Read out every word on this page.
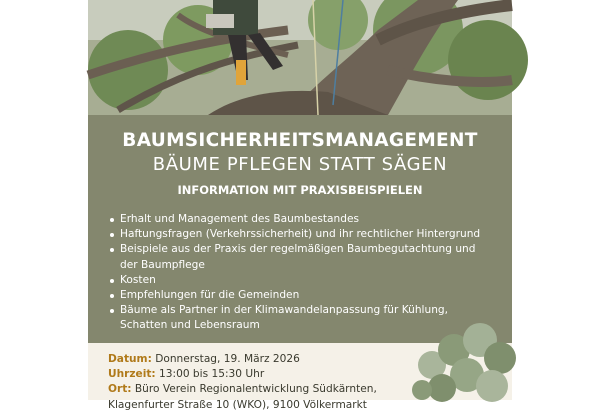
BAUMSICHERHEITSMANAGEMENT
BÄUME PFLEGEN STATT SÄGEN
INFORMATION MIT PRAXISBEISPIELEN
Erhalt und Management des Baumbestandes
Haftungsfragen (Verkehrssicherheit) und ihr rechtlicher Hintergrund
Beispiele aus der Praxis der regelmäßigen Baumbegutachtung und
der Baumpflege
Kosten
Empfehlungen für die Gemeinden
Bäume als Partner in der Klimawandelanpassung für Kühlung,
Schatten und Lebensraum
Datum: Donnerstag, 19. März 2026
Uhrzeit: 13:00 bis 15:30 Uhr
Ort: Büro Verein Regionalentwicklung Südkärnten,
Klagenfurter Straße 10 (WKO), 9100 Völkermarkt
